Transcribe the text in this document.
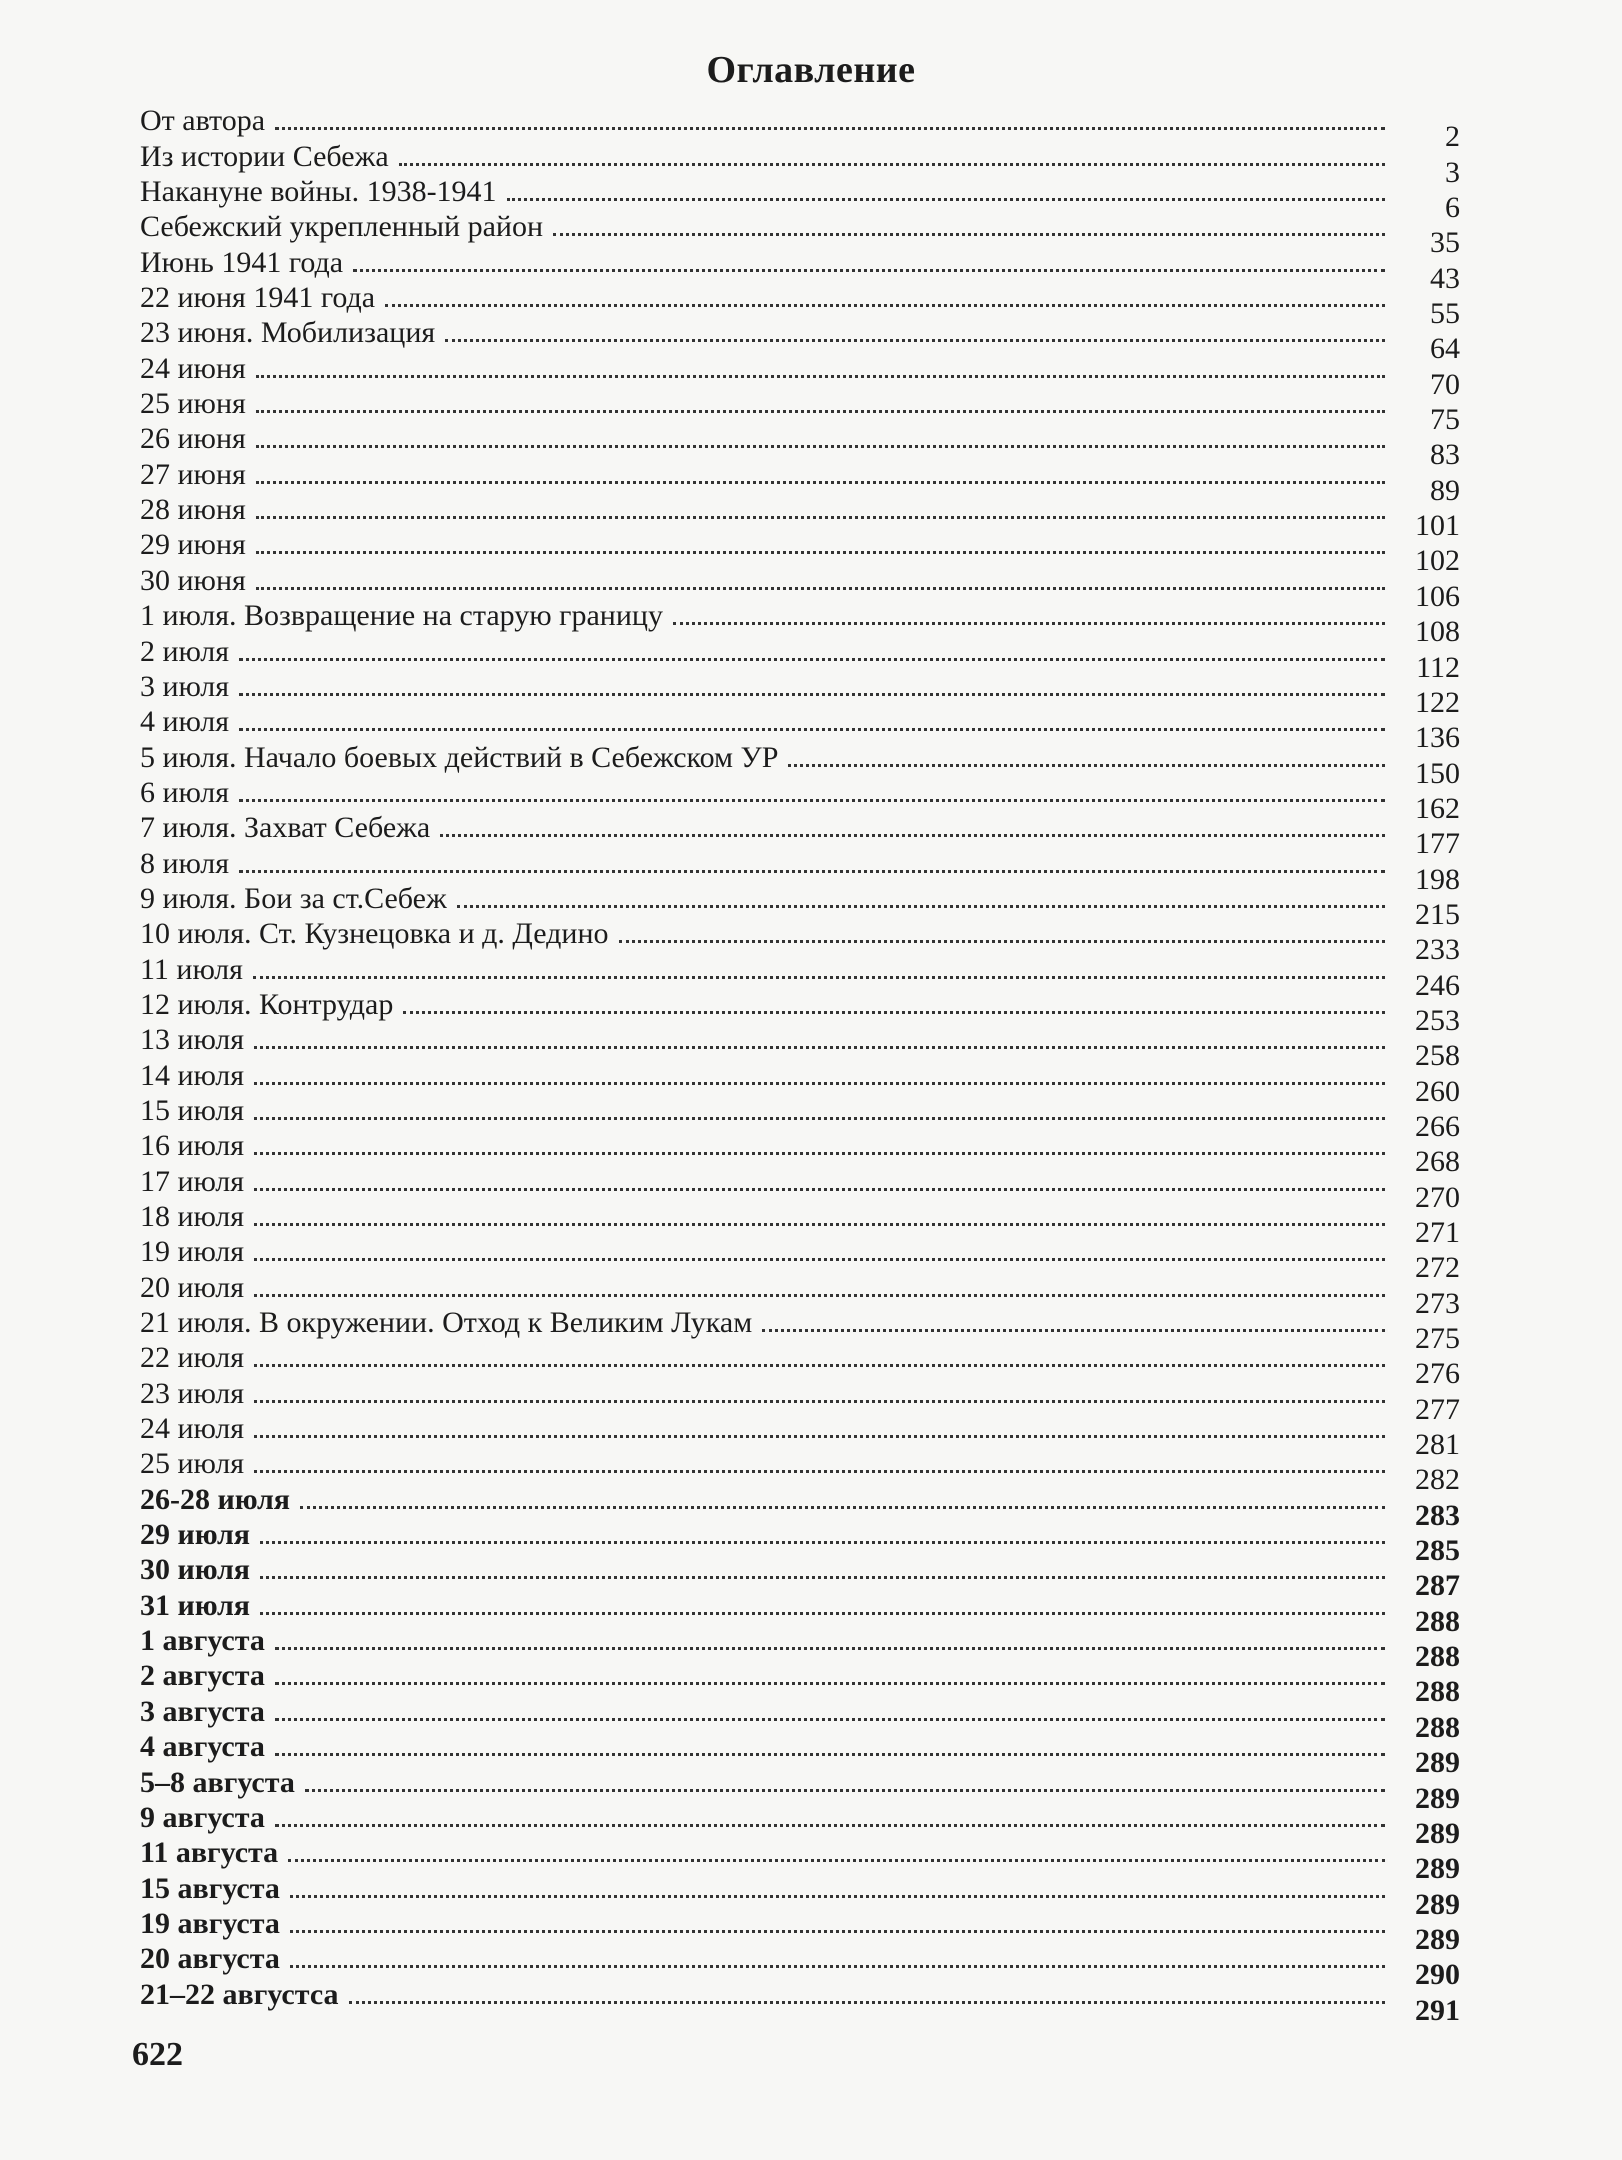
Оглавление
От автора	2
Из истории Себежа	3
Накануне войны. 1938-1941	6
Себежский укрепленный район	35
Июнь 1941 года	43
22 июня 1941 года	55
23 июня. Мобилизация	64
24 июня	70
25 июня	75
26 июня	83
27 июня	89
28 июня	101
29 июня	102
30 июня	106
1 июля. Возвращение на старую границу	108
2 июля	112
3 июля	122
4 июля	136
5 июля. Начало боевых действий в Себежском УР	150
6 июля	162
7 июля. Захват Себежа	177
8 июля	198
9 июля. Бои за ст.Себеж	215
10 июля. Ст. Кузнецовка и д. Дедино	233
11 июля	246
12 июля. Контрудар	253
13 июля	258
14 июля	260
15 июля	266
16 июля	268
17 июля	270
18 июля	271
19 июля	272
20 июля	273
21 июля. В окружении. Отход к Великим Лукам	275
22 июля	276
23 июля	277
24 июля	281
25 июля	282
26-28 июля	283
29 июля	285
30 июля	287
31 июля	288
1 августа	288
2 августа	288
3 августа	288
4 августа	289
5–8 августа	289
9 августа	289
11 августа	289
15 августа	289
19 августа	289
20 августа	290
21–22 августса	291
622
